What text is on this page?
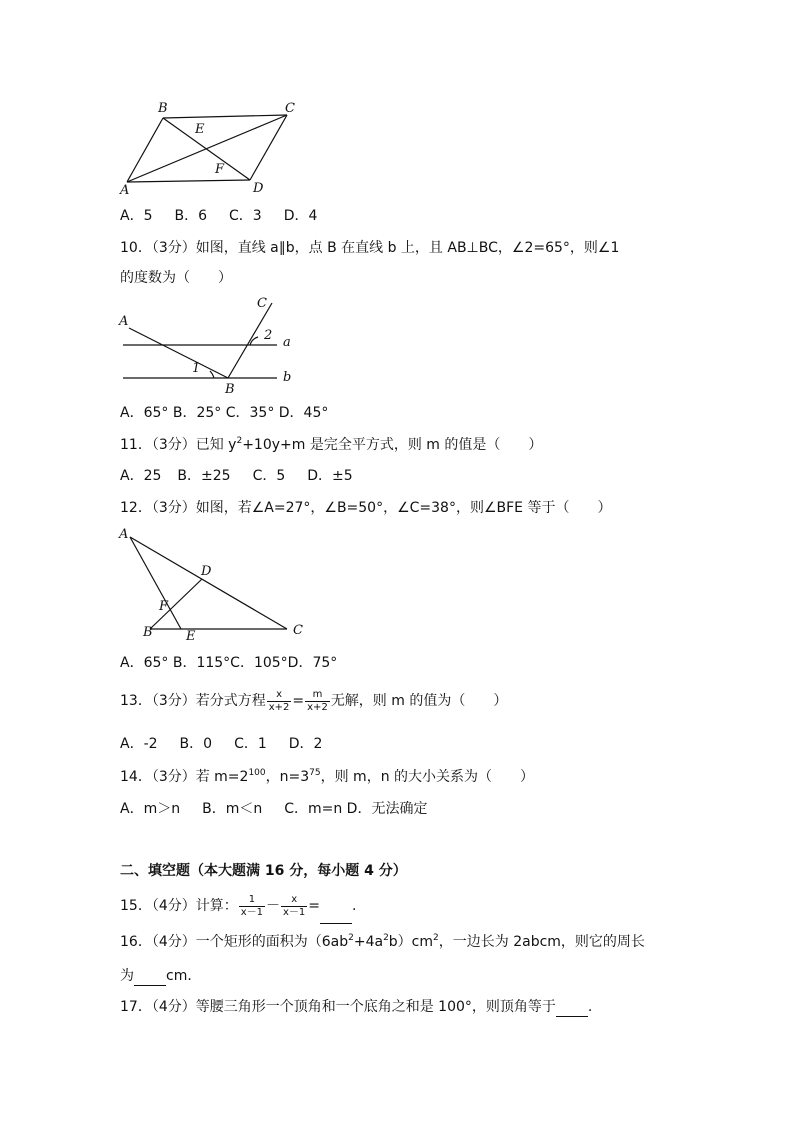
B	C
E
F
A	D
A．5 B．6 C．3 D．4
10．（3分）如图，直线 a∥b，点 B 在直线 b 上，且 AB⊥BC，∠2=65°，则∠1
的度数为（　　）
A
C
2 a
1
b
B
A．65° B．25° C．35° D．45°
11．（3分）已知 $y^2+10y+m$ 是完全平方式，则 m 的值是（　　）
A．25 B．±25 C．5 D．±5
12．（3分）如图，若∠A=27°，∠B=50°，∠C=38°，则∠BFE 等于（　　）
A
D
F
B	E	C
A．65° B．115°C．105°D．75°
13．（3分）若分式方程 $\frac{x}{x+2} = \frac{m}{x+2}$ 无解，则 m 的值为（　　）
A．-2 B．0 C．1 D．2
14．（3分）若 $m=2^{100}$，$n=3^{75}$，则 m，n 的大小关系为（　　）
A．m＞n B．m＜n C．m=n D．无法确定
二、填空题（本大题满 16 分，每小题 4 分）
15．（4分）计算： $\frac{1}{x-1} - \frac{x}{x-1}$ = .
16．（4分）一个矩形的面积为$(6ab^2+4a^2b)cm^2$，一边长为 2abcm，则它的周长
为 cm．
17．（4分）等腰三角形一个顶角和一个底角之和是 100°，则顶角等于 .
